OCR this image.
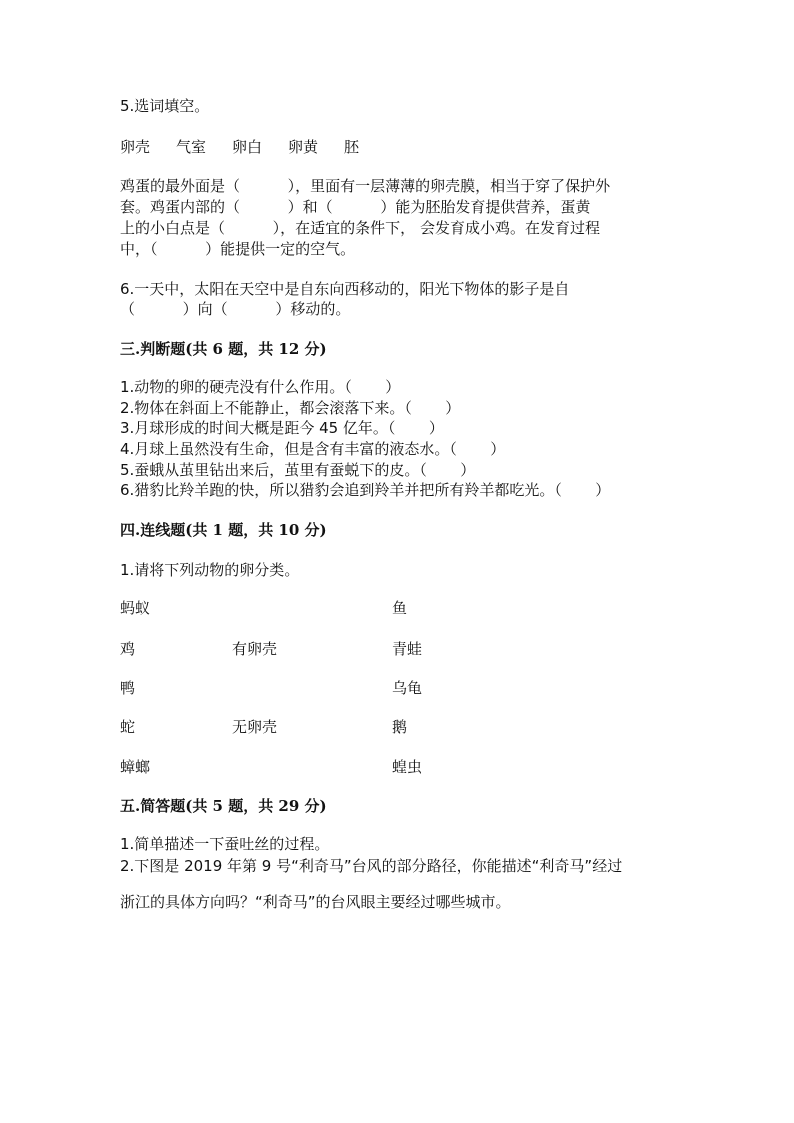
5.选词填空。
卵壳 气室 卵白 卵黄 胚
鸡蛋的最外面是（          ），里面有一层薄薄的卵壳膜，相当于穿了保护外
套。鸡蛋内部的（          ）和（          ）能为胚胎发育提供营养，蛋黄
上的小白点是（          ），在适宜的条件下， 会发育成小鸡。在发育过程
中，（          ）能提供一定的空气。
6.一天中，太阳在天空中是自东向西移动的，阳光下物体的影子是自
（          ）向（          ）移动的。
三.判断题(共 6 题，共 12 分)
1.动物的卵的硬壳没有什么作用。（       ）
2.物体在斜面上不能静止，都会滚落下来。（       ）
3.月球形成的时间大概是距今 45 亿年。（       ）
4.月球上虽然没有生命，但是含有丰富的液态水。（       ）
5.蚕蛾从茧里钻出来后，茧里有蚕蜕下的皮。（       ）
6.猎豹比羚羊跑的快，所以猎豹会追到羚羊并把所有羚羊都吃光。（       ）
四.连线题(共 1 题，共 10 分)
1.请将下列动物的卵分类。
蚂蚁
鸡
鸭
蛇
蟑螂
有卵壳
无卵壳
鱼
青蛙
乌龟
鹅
蝗虫
五.简答题(共 5 题，共 29 分)
1.简单描述一下蚕吐丝的过程。
2.下图是 2019 年第 9 号“利奇马”台风的部分路径，你能描述“利奇马”经过
浙江的具体方向吗？“利奇马”的台风眼主要经过哪些城市。
